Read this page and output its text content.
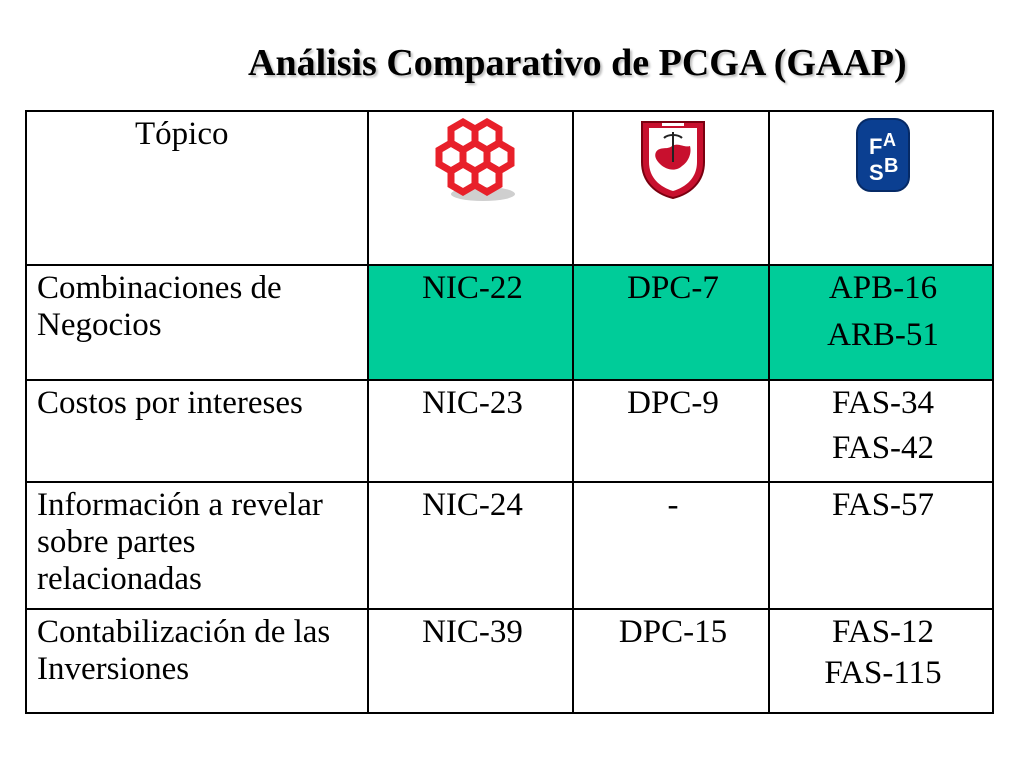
Análisis Comparativo de PCGA (GAAP)
Tópico			F A
S B

Combinaciones de Negocios	NIC-22	DPC-7	APB-16
ARB-51

Costos por intereses	NIC-23	DPC-9	FAS-34
FAS-42

Información a revelar sobre partes relacionadas	NIC-24	-	FAS-57

Contabilización de las Inversiones	NIC-39	DPC-15	FAS-12
FAS-115
